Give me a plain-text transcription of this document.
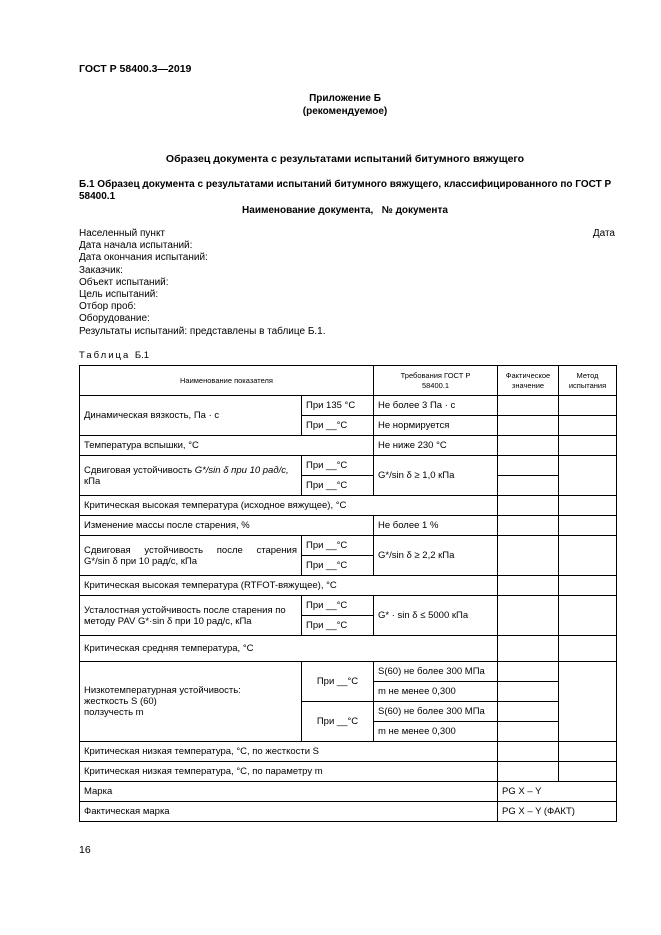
ГОСТ Р 58400.3—2019
Приложение Б
(рекомендуемое)
Образец документа с результатами испытаний битумного вяжущего
Б.1 Образец документа с результатами испытаний битумного вяжущего, классифицированного по ГОСТ Р 58400.1
Наименование документа,   № документа
Населенный пункт
Дата начала испытаний:
Дата окончания испытаний:
Заказчик:
Объект испытаний:
Цель испытаний:
Отбор проб:
Оборудование:
Результаты испытаний: представлены в таблице Б.1.
Дата
Таблица Б.1
Наименование показателя		Требования ГОСТ Р 58400.1	Фактическое значение	Метод испытания
Динамическая вязкость, Па · с	При 135 °С	Не более 3 Па · с		
	При __°С	Не нормируется		
Температура вспышки, °С		Не ниже 230 °С		
Сдвиговая устойчивость G*/sin δ при 10 рад/с,
кПа	При __°С	G*/sin δ ≥ 1,0 кПа		
	При __°С			
Критическая высокая температура (исходное вяжущее), °С				
Изменение массы после старения, %		Не более 1 %		

Сдвиговая устойчивость после старения
G*/sin δ при 10 рад/с, кПа	При __°С	G*/sin δ ≥ 2,2 кПа		
	При __°С			
Критическая высокая температура (RTFOT-вяжущее), °С				
Усталостная устойчивость после старения по
методу PAV G*·sin δ при 10 рад/с, кПа	При __°С	G* · sin δ ≤ 5000 кПа		
	При __°С			
Критическая средняя температура, °С				
Низкотемпературная устойчивость:
жесткость S (60)
ползучесть m	При __°С	S(60) не более 300 МПа		
		m не менее 0,300		
	При __°С	S(60) не более 300 МПа		
		m не менее 0,300		
Критическая низкая температура, °С, по жесткости S				
Критическая низкая температура, °С, по параметру m				
Марка			PG X – Y	
Фактическая марка			PG X – Y (ФАКТ)	
16
